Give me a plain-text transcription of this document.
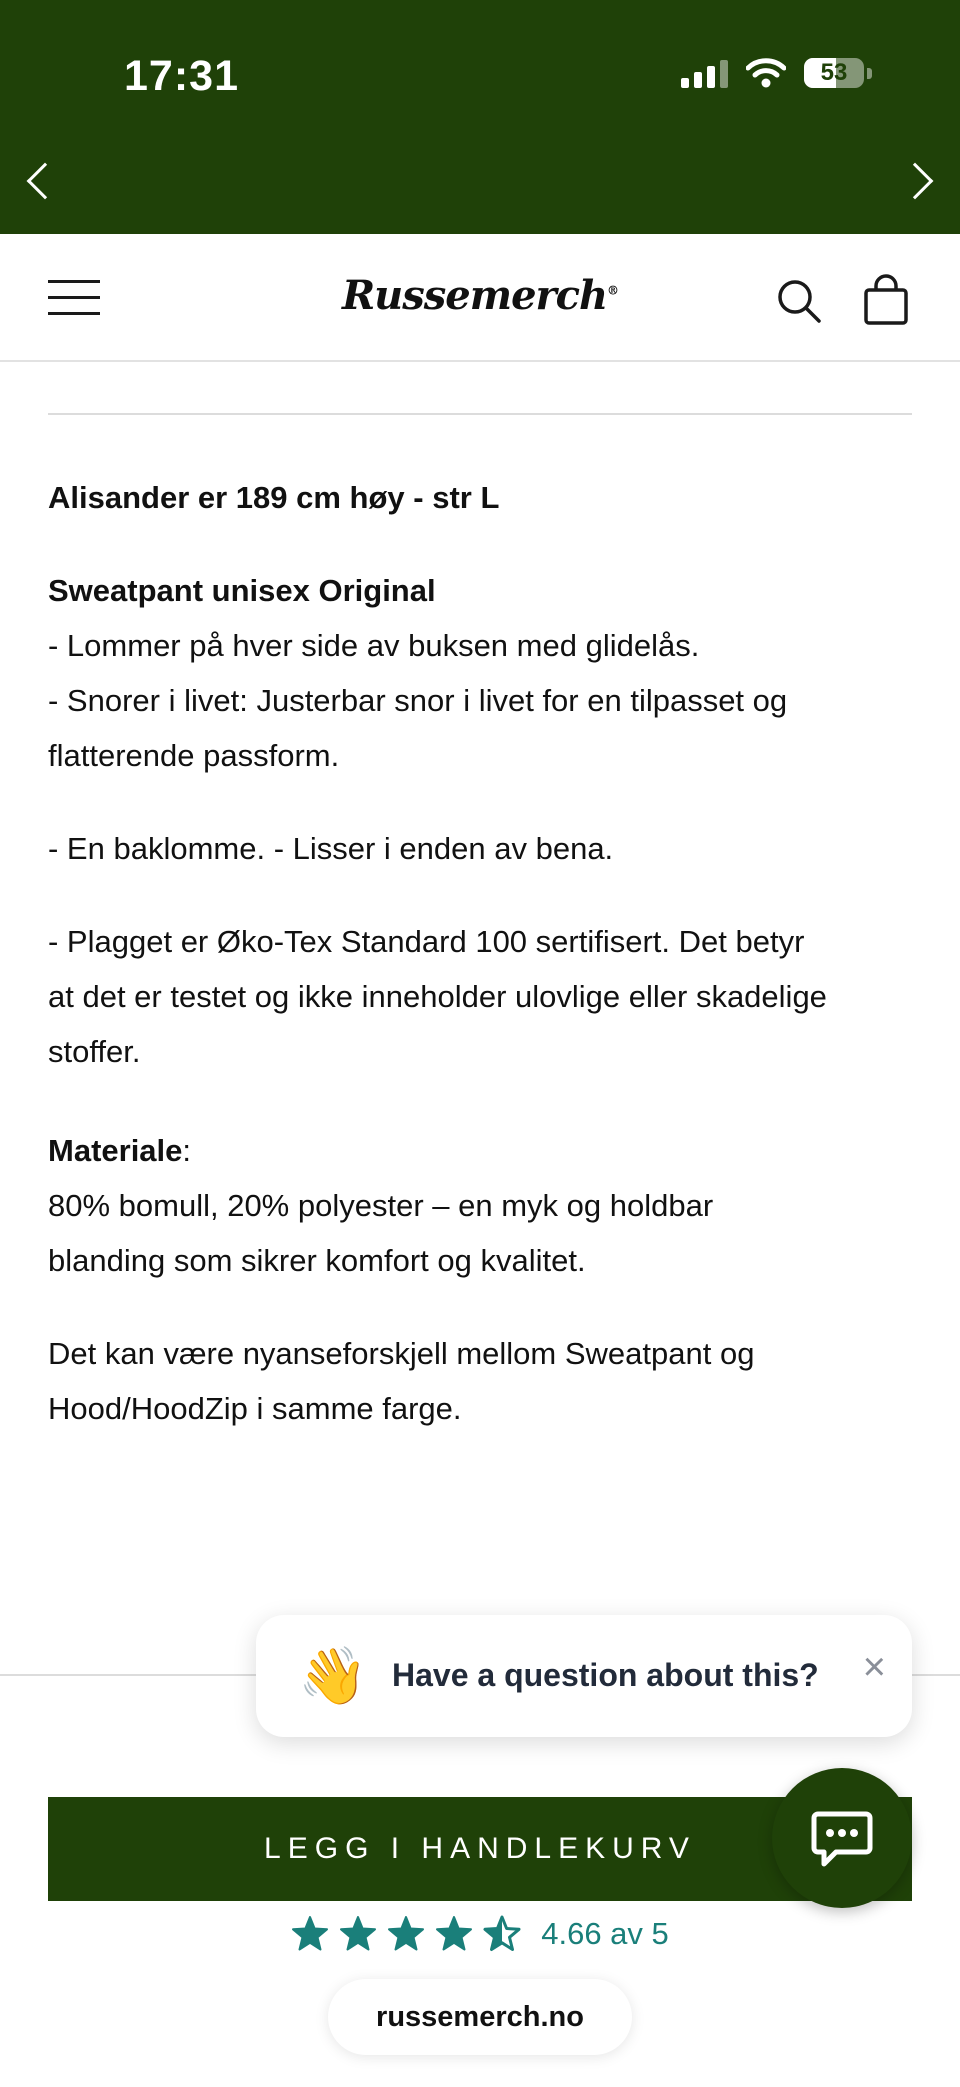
17:31	53
Russemerch®

Alisander er 189 cm høy - str L

Sweatpant unisex Original

- Lommer på hver side av buksen med glidelås.

- Snorer i livet: Justerbar snor i livet for en tilpasset og

flatterende passform.

- En baklomme. - Lisser i enden av bena.

- Plagget er Øko-Tex Standard 100 sertifisert. Det betyr

at det er testet og ikke inneholder ulovlige eller skadelige

stoffer.

Materiale:

80% bomull, 20% polyester – en myk og holdbar

blanding som sikrer komfort og kvalitet.

Det kan være nyanseforskjell mellom Sweatpant og

Hood/HoodZip i samme farge.

👋 Have a question about this? ×
LEGG I HANDLEKURV
4.66 av 5
russemerch.no
